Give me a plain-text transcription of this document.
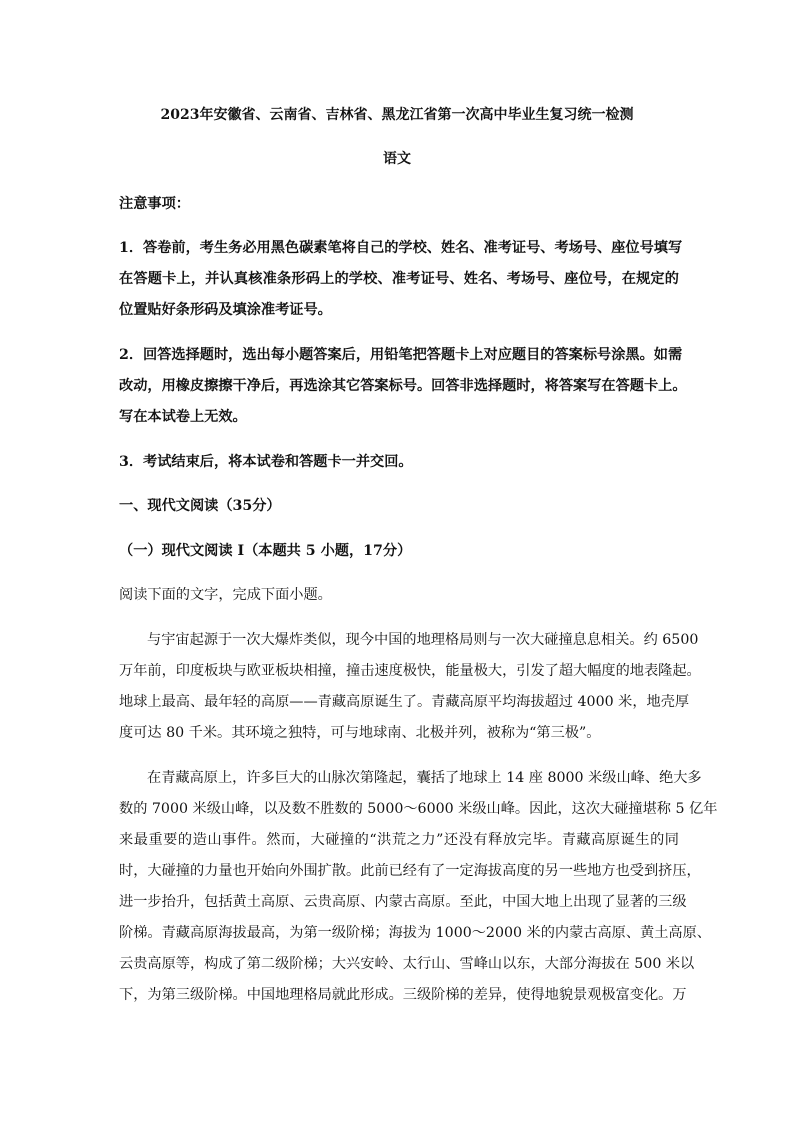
2023年安徽省、云南省、吉林省、黑龙江省第一次高中毕业生复习统一检测
语文
注意事项：
1．答卷前，考生务必用黑色碳素笔将自己的学校、姓名、准考证号、考场号、座位号填写
在答题卡上，并认真核准条形码上的学校、准考证号、姓名、考场号、座位号，在规定的
位置贴好条形码及填涂准考证号。
2．回答选择题时，选出每小题答案后，用铅笔把答题卡上对应题目的答案标号涂黑。如需
改动，用橡皮擦擦干净后，再选涂其它答案标号。回答非选择题时，将答案写在答题卡上。
写在本试卷上无效。
3．考试结束后，将本试卷和答题卡一并交回。
一、现代文阅读（35分）
（一）现代文阅读 I（本题共 5 小题，17分）
阅读下面的文字，完成下面小题。
与宇宙起源于一次大爆炸类似，现今中国的地理格局则与一次大碰撞息息相关。约 6500
万年前，印度板块与欧亚板块相撞，撞击速度极快，能量极大，引发了超大幅度的地表隆起。
地球上最高、最年轻的高原——青藏高原诞生了。青藏高原平均海拔超过 4000 米，地壳厚
度可达 80 千米。其环境之独特，可与地球南、北极并列，被称为“第三极”。
在青藏高原上，许多巨大的山脉次第隆起，囊括了地球上 14 座 8000 米级山峰、绝大多
数的 7000 米级山峰，以及数不胜数的 5000～6000 米级山峰。因此，这次大碰撞堪称 5 亿年
来最重要的造山事件。然而，大碰撞的“洪荒之力”还没有释放完毕。青藏高原诞生的同
时，大碰撞的力量也开始向外围扩散。此前已经有了一定海拔高度的另一些地方也受到挤压，
进一步抬升，包括黄土高原、云贵高原、内蒙古高原。至此，中国大地上出现了显著的三级
阶梯。青藏高原海拔最高，为第一级阶梯；海拔为 1000～2000 米的内蒙古高原、黄土高原、
云贵高原等，构成了第二级阶梯；大兴安岭、太行山、雪峰山以东，大部分海拔在 500 米以
下，为第三级阶梯。中国地理格局就此形成。三级阶梯的差异，使得地貌景观极富变化。万
